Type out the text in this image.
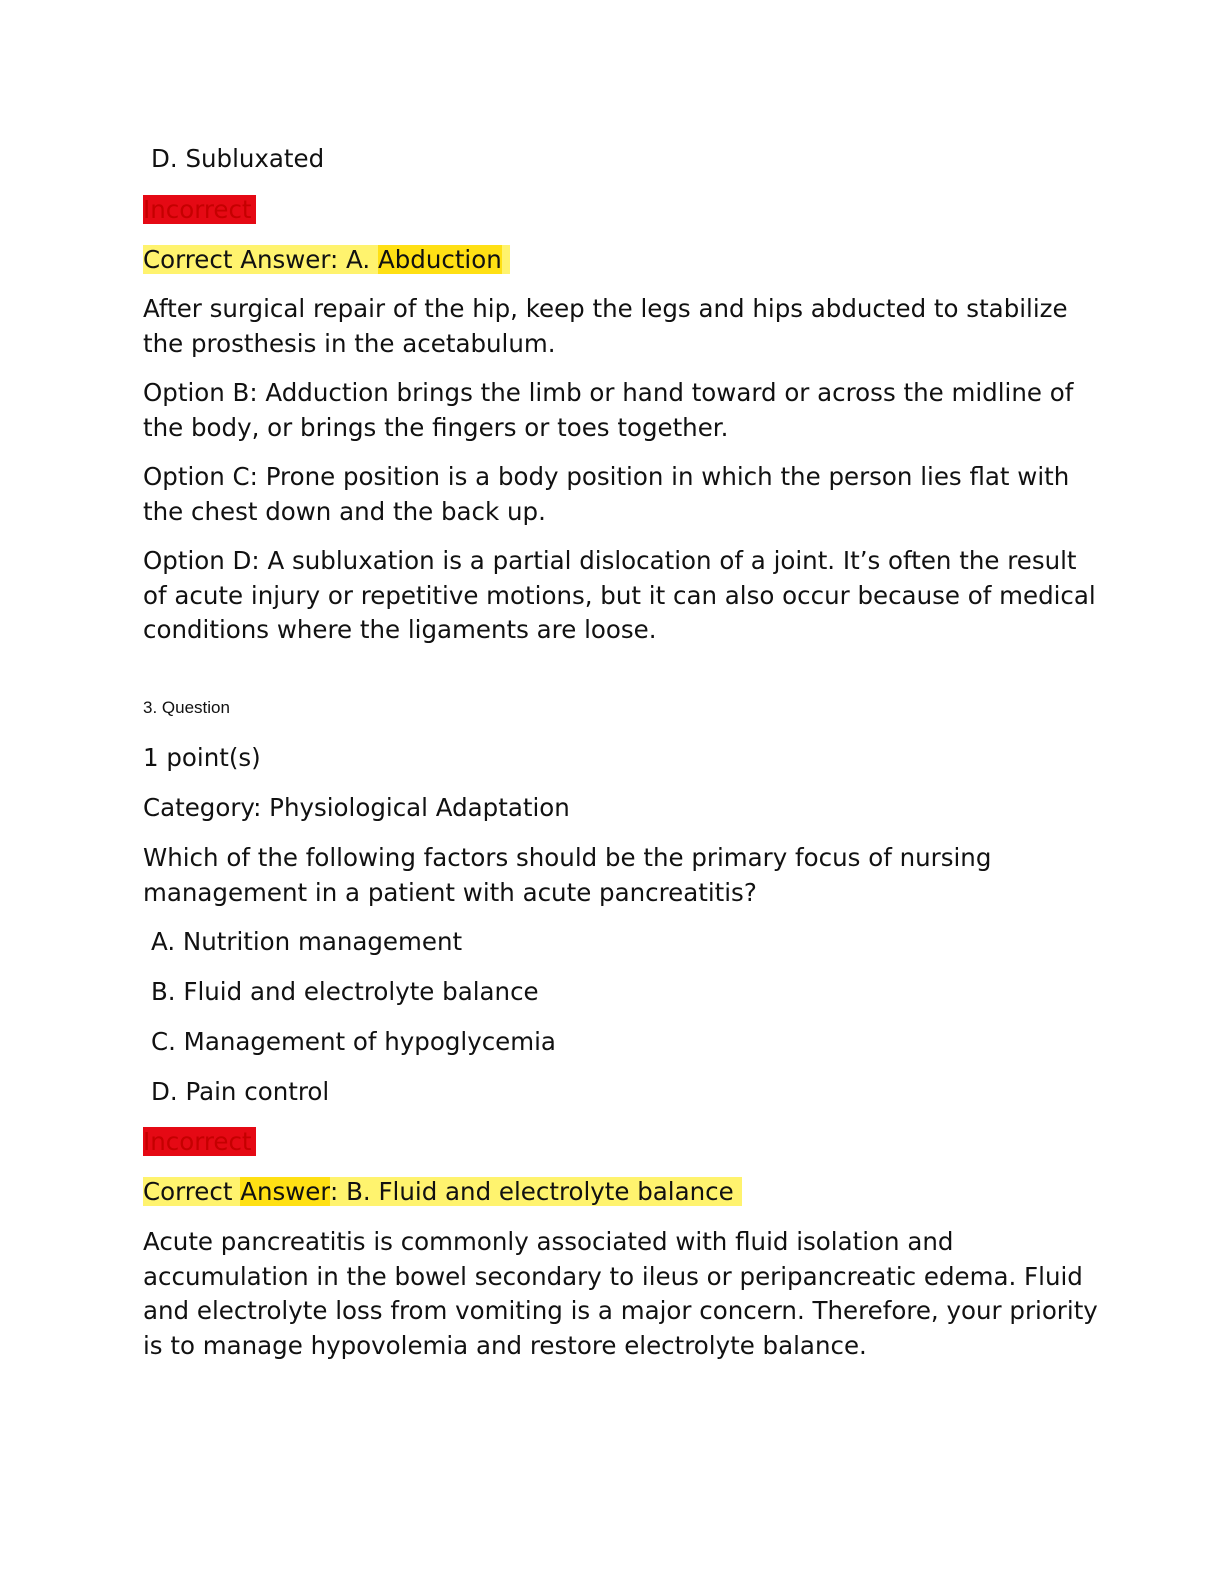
D. Subluxated
Incorrect
Correct Answer: A. Abduction
After surgical repair of the hip, keep the legs and hips abducted to stabilize the prosthesis in the acetabulum.
Option B: Adduction brings the limb or hand toward or across the midline of the body, or brings the fingers or toes together.
Option C: Prone position is a body position in which the person lies flat with the chest down and the back up.
Option D: A subluxation is a partial dislocation of a joint. It’s often the result of acute injury or repetitive motions, but it can also occur because of medical conditions where the ligaments are loose.
3. Question
1 point(s)
Category: Physiological Adaptation
Which of the following factors should be the primary focus of nursing management in a patient with acute pancreatitis?
A. Nutrition management
B. Fluid and electrolyte balance
C. Management of hypoglycemia
D. Pain control
Incorrect
Correct Answer: B. Fluid and electrolyte balance
Acute pancreatitis is commonly associated with fluid isolation and accumulation in the bowel secondary to ileus or peripancreatic edema. Fluid and electrolyte loss from vomiting is a major concern. Therefore, your priority is to manage hypovolemia and restore electrolyte balance.
